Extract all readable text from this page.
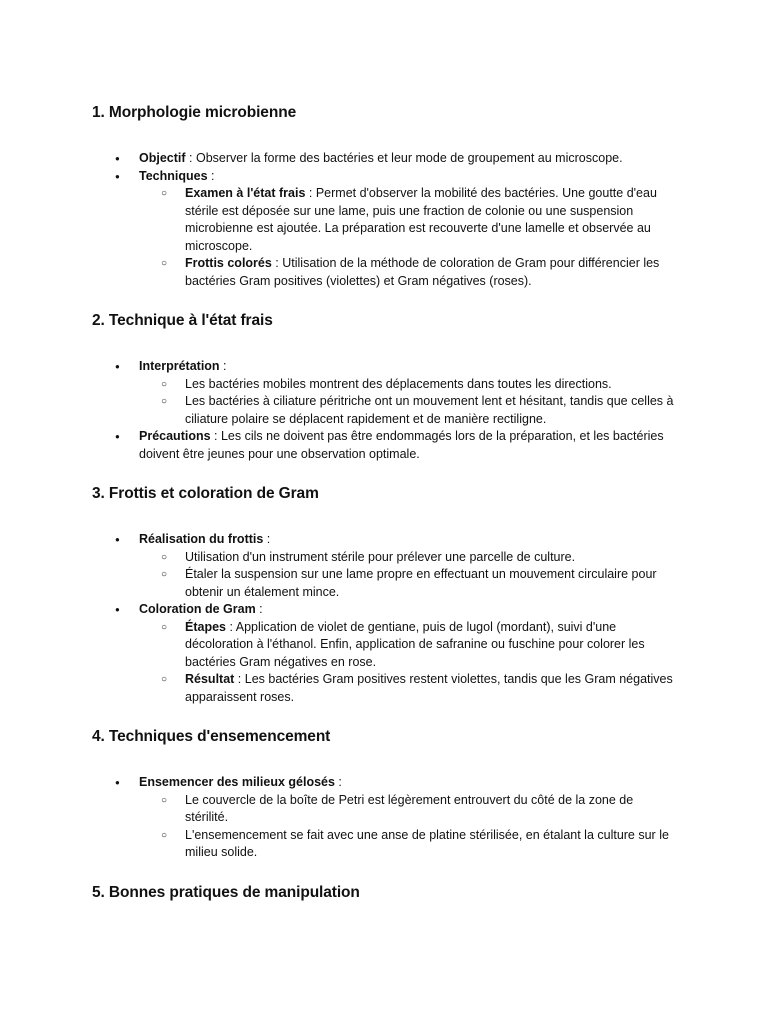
1. Morphologie microbienne
● Objectif : Observer la forme des bactéries et leur mode de groupement au microscope.
● Techniques :
○ Examen à l'état frais : Permet d'observer la mobilité des bactéries. Une goutte d'eau stérile est déposée sur une lame, puis une fraction de colonie ou une suspension microbienne est ajoutée. La préparation est recouverte d'une lamelle et observée au microscope.
○ Frottis colorés : Utilisation de la méthode de coloration de Gram pour différencier les bactéries Gram positives (violettes) et Gram négatives (roses).
2. Technique à l'état frais
● Interprétation :
○ Les bactéries mobiles montrent des déplacements dans toutes les directions.
○ Les bactéries à ciliature péritriche ont un mouvement lent et hésitant, tandis que celles à ciliature polaire se déplacent rapidement et de manière rectiligne.
● Précautions : Les cils ne doivent pas être endommagés lors de la préparation, et les bactéries doivent être jeunes pour une observation optimale.
3. Frottis et coloration de Gram
● Réalisation du frottis :
○ Utilisation d'un instrument stérile pour prélever une parcelle de culture.
○ Étaler la suspension sur une lame propre en effectuant un mouvement circulaire pour obtenir un étalement mince.
● Coloration de Gram :
○ Étapes : Application de violet de gentiane, puis de lugol (mordant), suivi d'une décoloration à l'éthanol. Enfin, application de safranine ou fuschine pour colorer les bactéries Gram négatives en rose.
○ Résultat : Les bactéries Gram positives restent violettes, tandis que les Gram négatives apparaissent roses.
4. Techniques d'ensemencement
● Ensemencer des milieux gélosés :
○ Le couvercle de la boîte de Petri est légèrement entrouvert du côté de la zone de stérilité.
○ L'ensemencement se fait avec une anse de platine stérilisée, en étalant la culture sur le milieu solide.
5. Bonnes pratiques de manipulation
